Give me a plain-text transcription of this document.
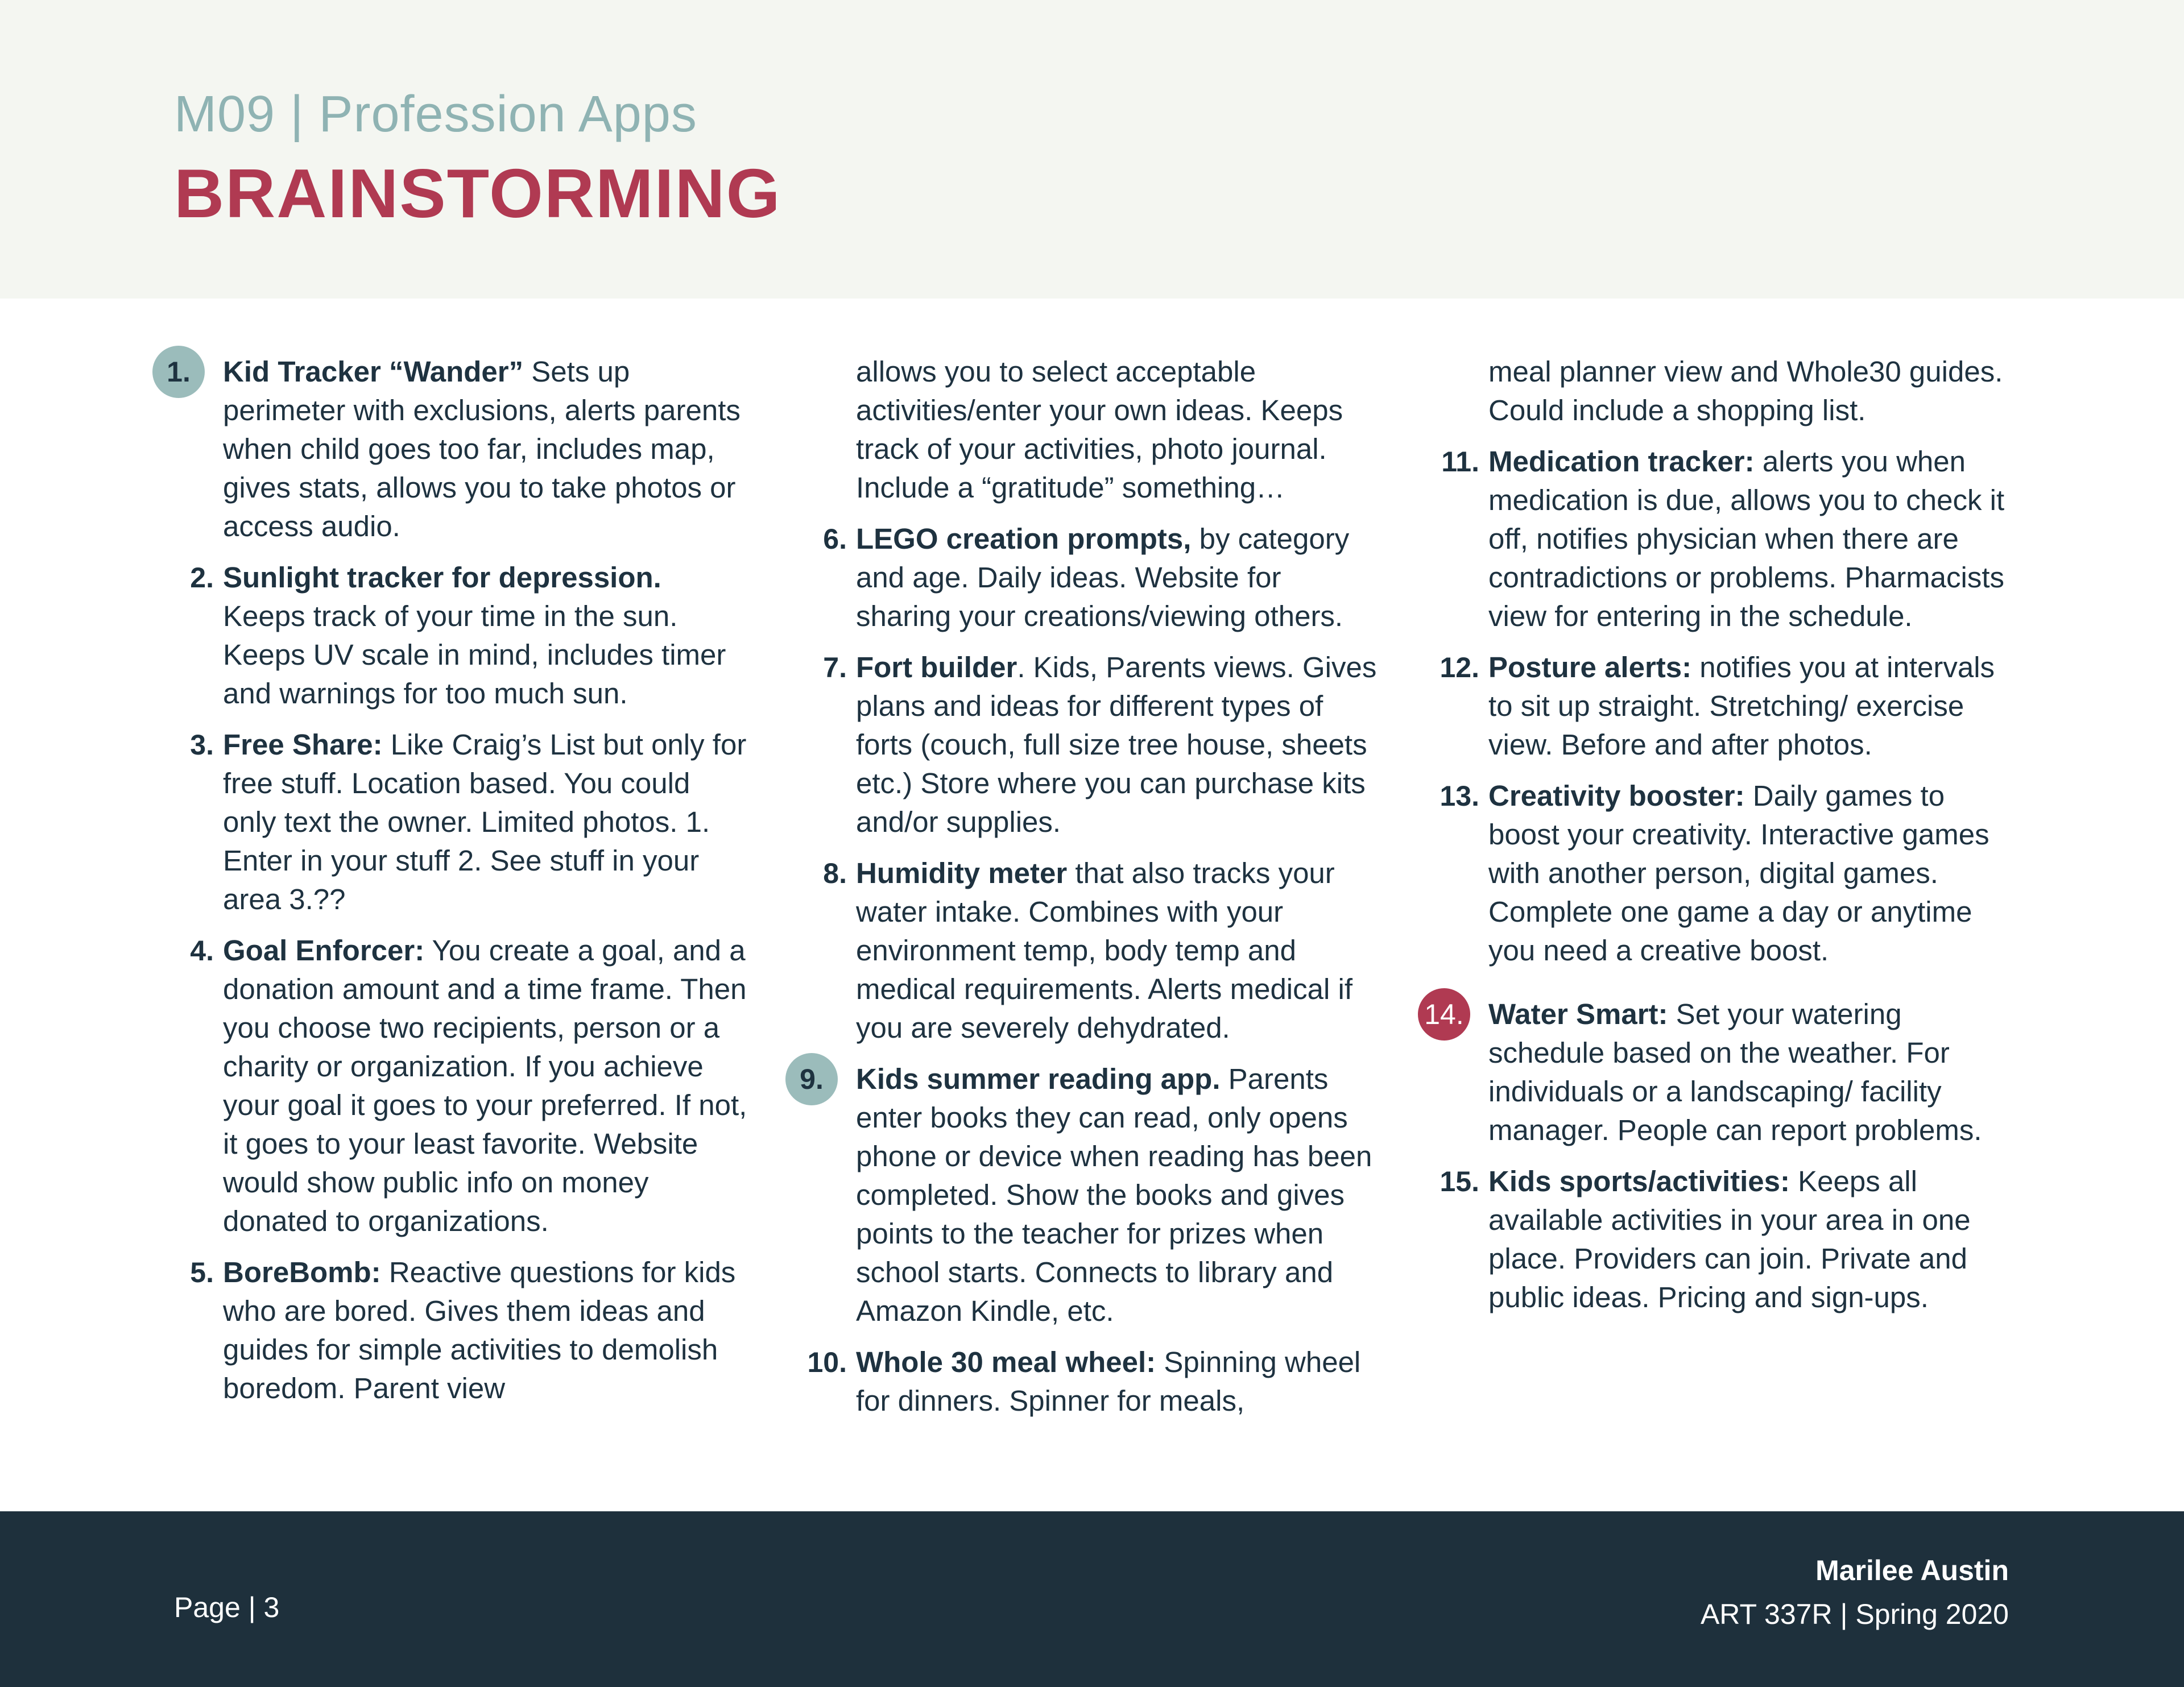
M09 | Profession Apps
BRAINSTORMING
1.	Kid Tracker “Wander” Sets up perimeter with exclusions, alerts parents when child goes too far, includes map, gives stats, allows you to take photos or access audio.
2. Sunlight tracker for depression. Keeps track of your time in the sun. Keeps UV scale in mind, includes timer and warnings for too much sun.
3. Free Share: Like Craig’s List but only for free stuff. Location based. You could only text the owner. Limited photos. 1. Enter in your stuff 2. See stuff in your area 3.??
4. Goal Enforcer: You create a goal, and a donation amount and a time frame. Then you choose two recipients, person or a charity or organization. If you achieve your goal it goes to your preferred. If not, it goes to your least favorite. Website would show public info on money donated to organizations.
5. BoreBomb: Reactive questions for kids who are bored. Gives them ideas and guides for simple activities to demolish boredom. Parent view
allows you to select acceptable activities/enter your own ideas. Keeps track of your activities, photo journal. Include a “gratitude” something…
6. LEGO creation prompts, by category and age. Daily ideas. Website for sharing your creations/viewing others.
7. Fort builder. Kids, Parents views. Gives plans and ideas for different types of forts (couch, full size tree house, sheets etc.) Store where you can purchase kits and/or supplies.
8. Humidity meter that also tracks your water intake. Combines with your environment temp, body temp and medical requirements. Alerts medical if you are severely dehydrated.
9.	Kids summer reading app. Parents enter books they can read, only opens phone or device when reading has been completed. Show the books and gives points to the teacher for prizes when school starts. Connects to library and Amazon Kindle, etc.
10. Whole 30 meal wheel: Spinning wheel for dinners. Spinner for meals,
meal planner view and Whole30 guides. Could include a shopping list.
11. Medication tracker: alerts you when medication is due, allows you to check it off, notifies physician when there are contradictions or problems. Pharmacists view for entering in the schedule.
12. Posture alerts: notifies you at intervals to sit up straight. Stretching/ exercise view. Before and after photos.
13. Creativity booster: Daily games to boost your creativity. Interactive games with another person, digital games. Complete one game a day or anytime you need a creative boost.
14. Water Smart: Set your watering schedule based on the weather. For individuals or a landscaping/ facility manager. People can report problems.
15. Kids sports/activities: Keeps all available activities in your area in one place. Providers can join. Private and public ideas. Pricing and sign-ups.
Page | 3
Marilee Austin
ART 337R | Spring 2020
